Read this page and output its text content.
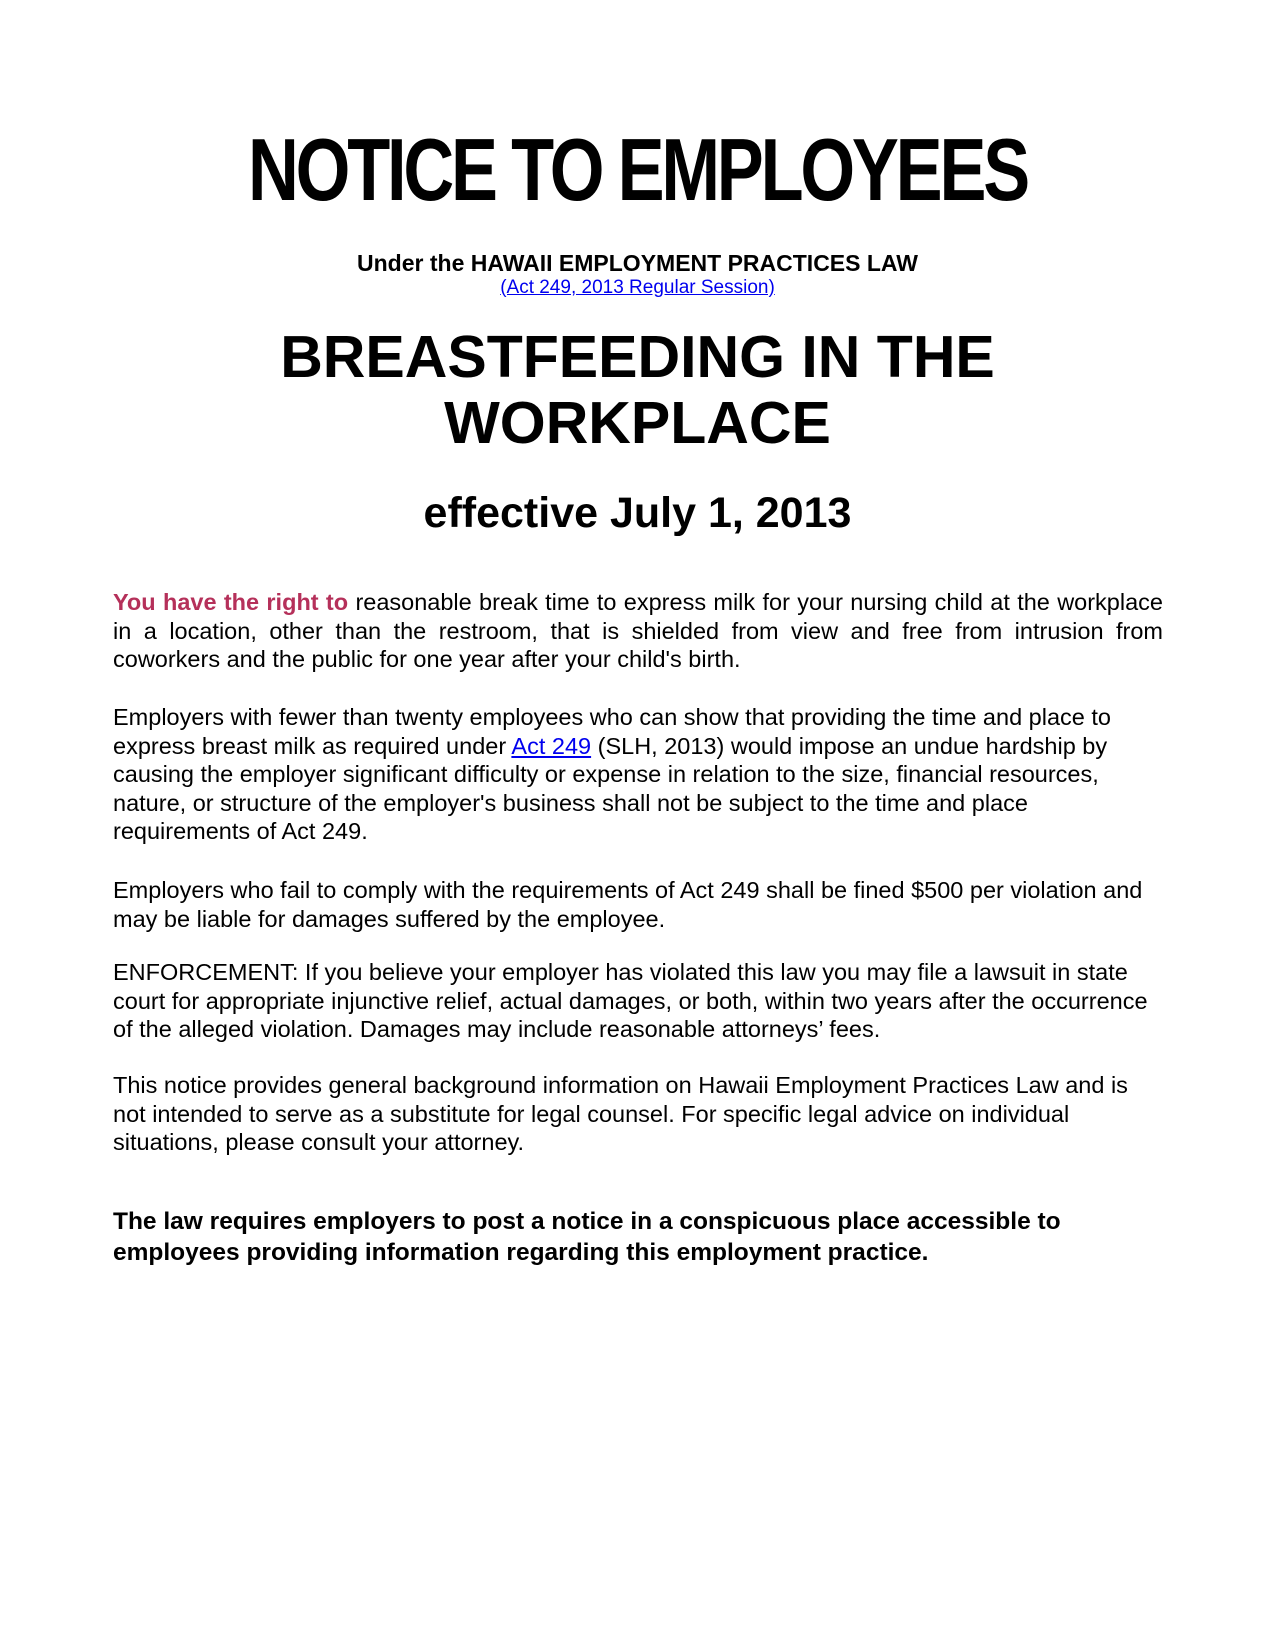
NOTICE TO EMPLOYEES

Under the HAWAII EMPLOYMENT PRACTICES LAW

(Act 249, 2013 Regular Session)
BREASTFEEDING IN THE
WORKPLACE

effective July 1, 2013

You have the right to reasonable break time to express milk for your nursing child at the workplace in a location, other than the restroom, that is shielded from view and free from intrusion from coworkers and the public for one year after your child's birth.

Employers with fewer than twenty employees who can show that providing the time and place to express breast milk as required under Act 249 (SLH, 2013) would impose an undue hardship by causing the employer significant difficulty or expense in relation to the size, financial resources, nature, or structure of the employer's business shall not be subject to the time and place requirements of Act 249.

Employers who fail to comply with the requirements of Act 249 shall be fined $500 per violation and may be liable for damages suffered by the employee.

ENFORCEMENT: If you believe your employer has violated this law you may file a lawsuit in state court for appropriate injunctive relief, actual damages, or both, within two years after the occurrence of the alleged violation. Damages may include reasonable attorneys’ fees.

This notice provides general background information on Hawaii Employment Practices Law and is not intended to serve as a substitute for legal counsel. For specific legal advice on individual situations, please consult your attorney.

The law requires employers to post a notice in a conspicuous place accessible to employees providing information regarding this employment practice.
